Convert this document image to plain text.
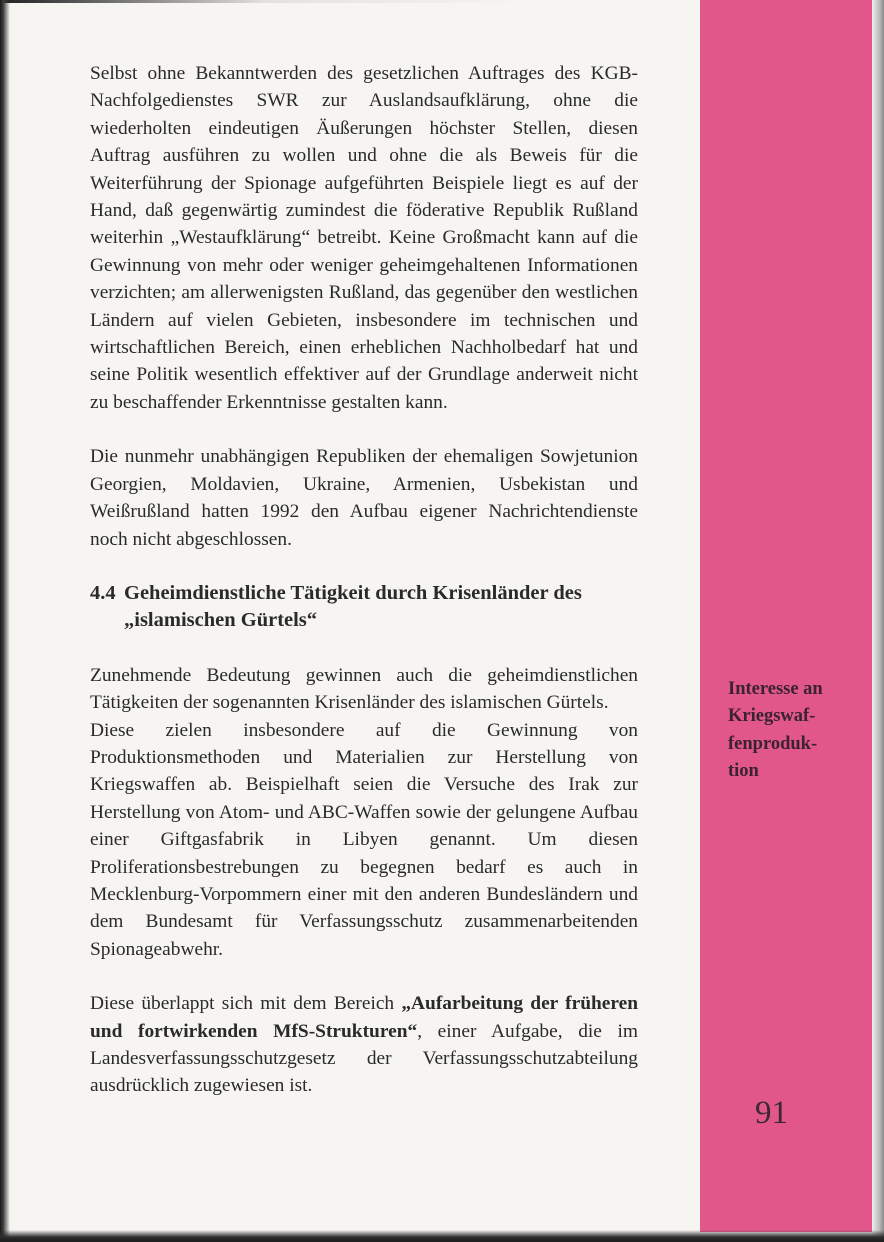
Selbst ohne Bekanntwerden des gesetzlichen Auftrages des KGB-Nachfolgedienstes SWR zur Auslandsaufklärung, ohne die wiederholten eindeutigen Äußerungen höchster Stellen, diesen Auftrag ausführen zu wollen und ohne die als Beweis für die Weiterführung der Spionage aufgeführten Beispiele liegt es auf der Hand, daß gegenwärtig zumindest die föderative Republik Rußland weiterhin „Westaufklärung“ betreibt. Keine Großmacht kann auf die Gewinnung von mehr oder weniger geheimgehaltenen Informationen verzichten; am allerwenigsten Rußland, das gegenüber den westlichen Ländern auf vielen Gebieten, insbesondere im technischen und wirtschaftlichen Bereich, einen erheblichen Nachholbedarf hat und seine Politik wesentlich effektiver auf der Grundlage anderweit nicht zu beschaffender Erkenntnisse gestalten kann.

Die nunmehr unabhängigen Republiken der ehemaligen Sowjetunion Georgien, Moldavien, Ukraine, Armenien, Usbekistan und Weißrußland hatten 1992 den Aufbau eigener Nachrichtendienste noch nicht abgeschlossen.

4.4 Geheimdienstliche Tätigkeit durch Krisenländer des „islamischen Gürtels“

Zunehmende Bedeutung gewinnen auch die geheimdienstlichen Tätigkeiten der sogenannten Krisenländer des islamischen Gürtels.

Diese zielen insbesondere auf die Gewinnung von Produktionsmethoden und Materialien zur Herstellung von Kriegswaffen ab. Beispielhaft seien die Versuche des Irak zur Herstellung von Atom- und ABC-Waffen sowie der gelungene Aufbau einer Giftgasfabrik in Libyen genannt. Um diesen Proliferationsbestrebungen zu begegnen bedarf es auch in Mecklenburg-Vorpommern einer mit den anderen Bundesländern und dem Bundesamt für Verfassungsschutz zusammenarbeitenden Spionageabwehr.

Diese überlappt sich mit dem Bereich „Aufarbeitung der früheren und fortwirkenden MfS-Strukturen“, einer Aufgabe, die im Landesverfassungsschutzgesetz der Verfassungsschutzabteilung ausdrücklich zugewiesen ist.

Interesse an
Kriegswaf-
fenproduk-
tion
91
